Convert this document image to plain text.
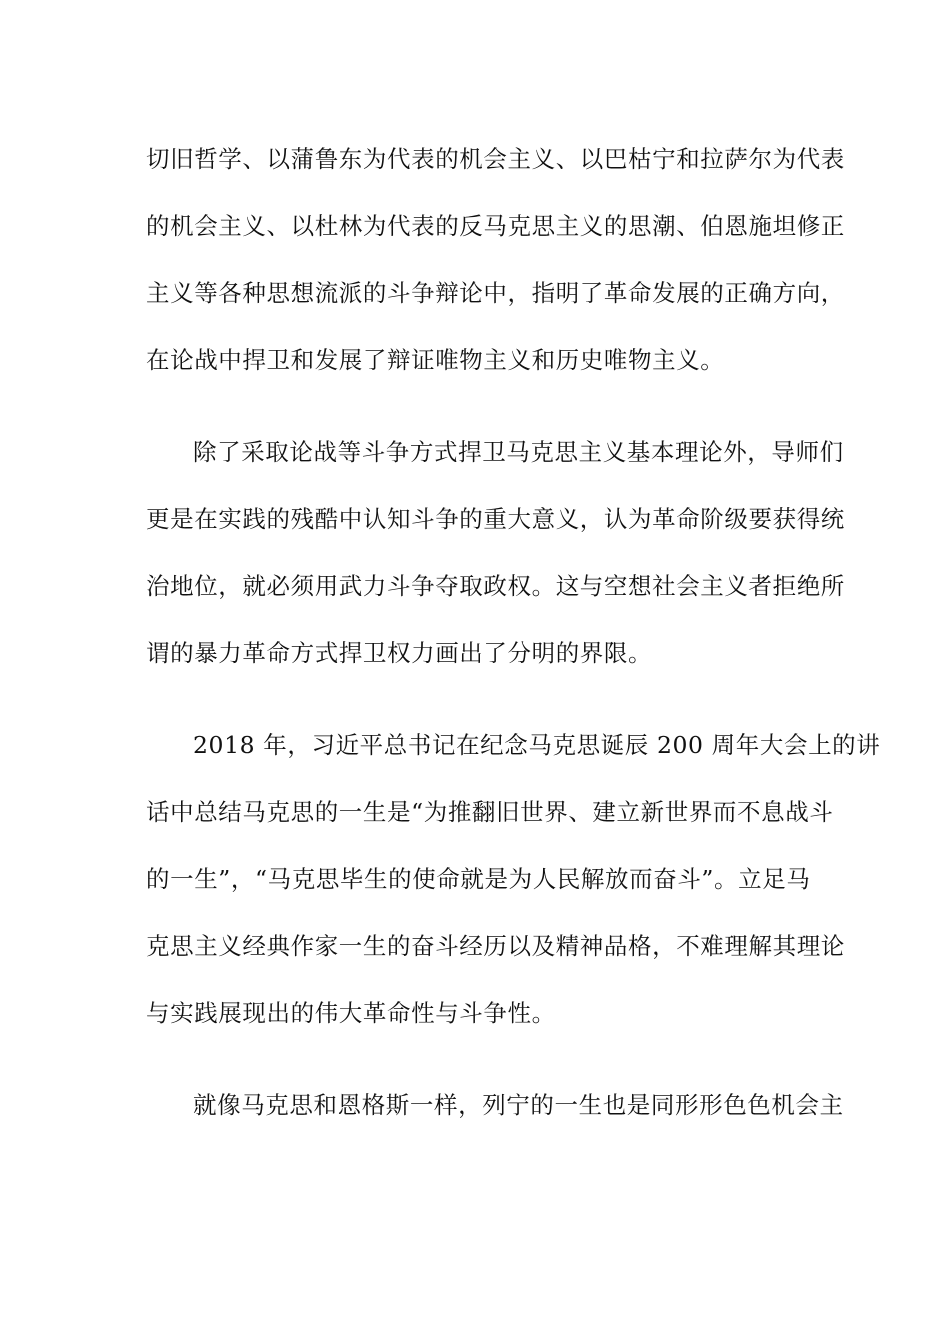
切旧哲学、以蒲鲁东为代表的机会主义、以巴枯宁和拉萨尔为代表
的机会主义、以杜林为代表的反马克思主义的思潮、伯恩施坦修正
主义等各种思想流派的斗争辩论中，指明了革命发展的正确方向，
在论战中捍卫和发展了辩证唯物主义和历史唯物主义。

除了采取论战等斗争方式捍卫马克思主义基本理论外，导师们
更是在实践的残酷中认知斗争的重大意义，认为革命阶级要获得统
治地位，就必须用武力斗争夺取政权。这与空想社会主义者拒绝所
谓的暴力革命方式捍卫权力画出了分明的界限。

2018 年，习近平总书记在纪念马克思诞辰 200 周年大会上的讲
话中总结马克思的一生是“为推翻旧世界、建立新世界而不息战斗
的一生”，“马克思毕生的使命就是为人民解放而奋斗”。立足马
克思主义经典作家一生的奋斗经历以及精神品格，不难理解其理论
与实践展现出的伟大革命性与斗争性。

就像马克思和恩格斯一样，列宁的一生也是同形形色色机会主
